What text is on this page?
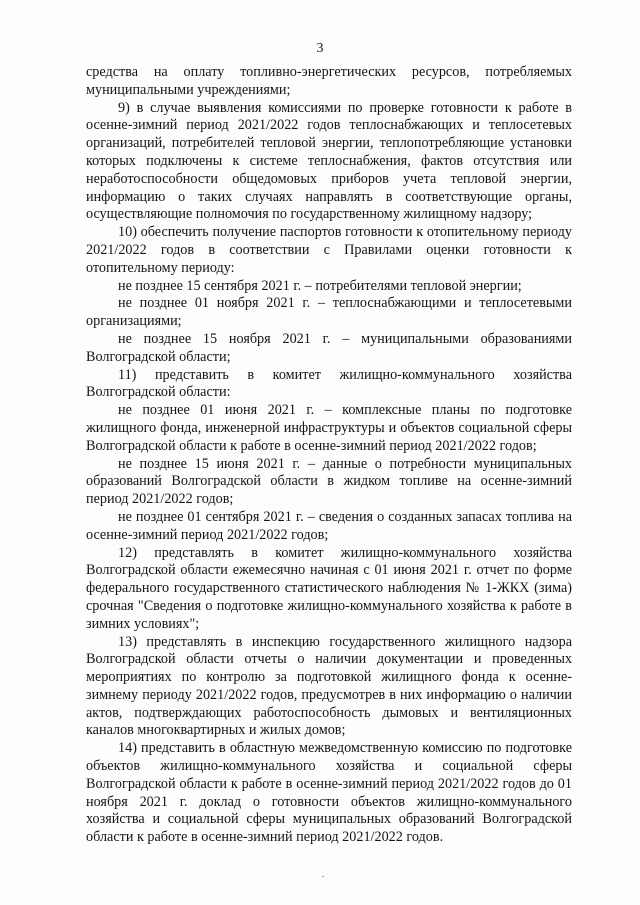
3

средства на оплату топливно-энергетических ресурсов, потребляемых муниципальными учреждениями;

9) в случае выявления комиссиями по проверке готовности к работе в осенне-зимний период 2021/2022 годов теплоснабжающих и теплосетевых организаций, потребителей тепловой энергии, теплопотребляющие установки которых подключены к системе теплоснабжения, фактов отсутствия или неработоспособности общедомовых приборов учета тепловой энергии, информацию о таких случаях направлять в соответствующие органы, осуществляющие полномочия по государственному жилищному надзору;

10) обеспечить получение паспортов готовности к отопительному периоду 2021/2022 годов в соответствии с Правилами оценки готовности к отопительному периоду:

не позднее 15 сентября 2021 г. – потребителями тепловой энергии;

не позднее 01 ноября 2021 г. – теплоснабжающими и теплосетевыми организациями;

не позднее 15 ноября 2021 г. – муниципальными образованиями Волгоградской области;

11) представить в комитет жилищно-коммунального хозяйства Волгоградской области:

не позднее 01 июня 2021 г. – комплексные планы по подготовке жилищного фонда, инженерной инфраструктуры и объектов социальной сферы Волгоградской области к работе в осенне-зимний период 2021/2022 годов;

не позднее 15 июня 2021 г. – данные о потребности муниципальных образований Волгоградской области в жидком топливе на осенне-зимний период 2021/2022 годов;

не позднее 01 сентября 2021 г. – сведения о созданных запасах топлива на осенне-зимний период 2021/2022 годов;

12) представлять в комитет жилищно-коммунального хозяйства Волгоградской области ежемесячно начиная с 01 июня 2021 г. отчет по форме федерального государственного статистического наблюдения № 1-ЖКХ (зима) срочная "Сведения о подготовке жилищно-коммунального хозяйства к работе в зимних условиях";

13) представлять в инспекцию государственного жилищного надзора Волгоградской области отчеты о наличии документации и проведенных мероприятиях по контролю за подготовкой жилищного фонда к осенне-зимнему периоду 2021/2022 годов, предусмотрев в них информацию о наличии актов, подтверждающих работоспособность дымовых и вентиляционных каналов многоквартирных и жилых домов;

14) представить в областную межведомственную комиссию по подготовке объектов жилищно-коммунального хозяйства и социальной сферы Волгоградской области к работе в осенне-зимний период 2021/2022 годов до 01 ноября 2021 г. доклад о готовности объектов жилищно-коммунального хозяйства и социальной сферы муниципальных образований Волгоградской области к работе в осенне-зимний период 2021/2022 годов.
